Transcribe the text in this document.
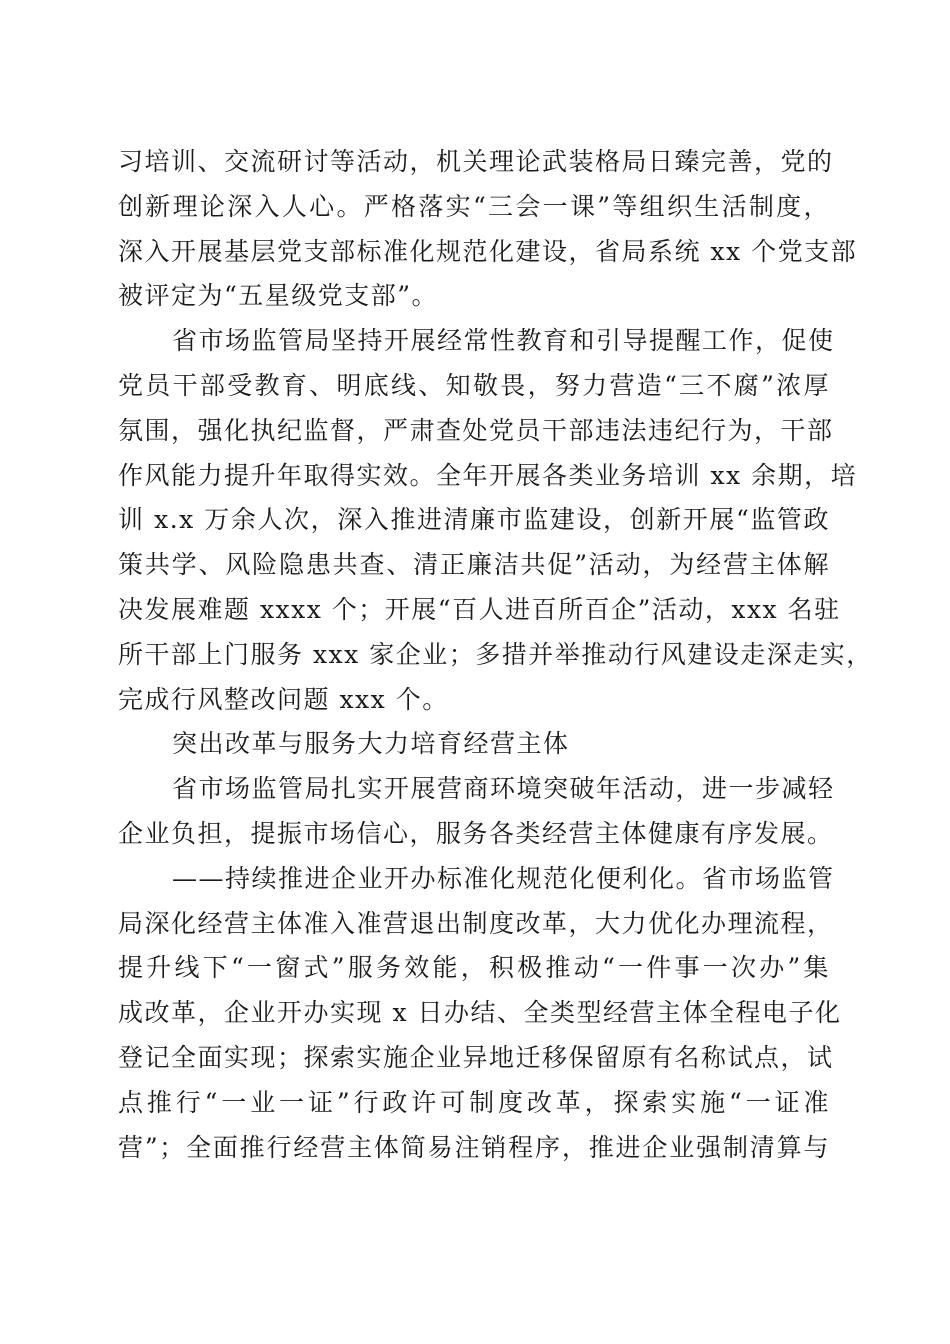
习培训、交流研讨等活动，机关理论武装格局日臻完善，党的
创新理论深入人心。严格落实“三会一课”等组织生活制度，
深入开展基层党支部标准化规范化建设，省局系统 xx 个党支部
被评定为“五星级党支部”。
省市场监管局坚持开展经常性教育和引导提醒工作，促使
党员干部受教育、明底线、知敬畏，努力营造“三不腐”浓厚
氛围，强化执纪监督，严肃查处党员干部违法违纪行为，干部
作风能力提升年取得实效。全年开展各类业务培训 xx 余期，培
训 x.x 万余人次，深入推进清廉市监建设，创新开展“监管政
策共学、风险隐患共查、清正廉洁共促”活动，为经营主体解
决发展难题 xxxx 个；开展“百人进百所百企”活动，xxx 名驻
所干部上门服务 xxx 家企业；多措并举推动行风建设走深走实，
完成行风整改问题 xxx 个。
突出改革与服务大力培育经营主体
省市场监管局扎实开展营商环境突破年活动，进一步减轻
企业负担，提振市场信心，服务各类经营主体健康有序发展。
——持续推进企业开办标准化规范化便利化。省市场监管
局深化经营主体准入准营退出制度改革，大力优化办理流程，
提升线下“一窗式”服务效能，积极推动“一件事一次办”集
成改革，企业开办实现 x 日办结、全类型经营主体全程电子化
登记全面实现；探索实施企业异地迁移保留原有名称试点，试
点推行“一业一证”行政许可制度改革，探索实施“一证准
营”；全面推行经营主体简易注销程序，推进企业强制清算与
